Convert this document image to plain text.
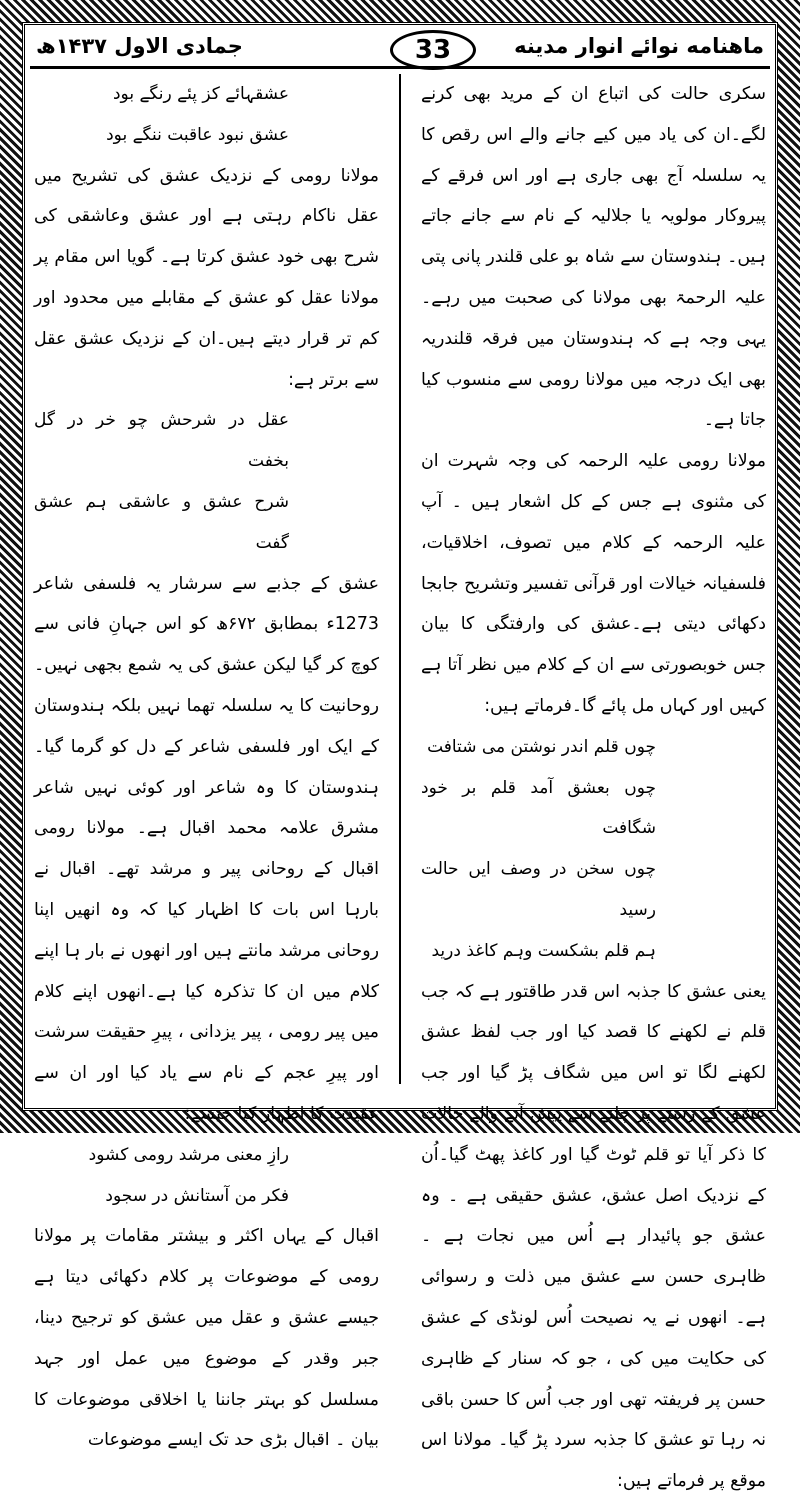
جمادی الاول ۱۴۳۷ھ	33	ماهنامه نوائے انوار مدینه

سکری حالت کی اتباع ان کے مرید بھی کرنے لگے۔ان کی یاد میں کیے جانے والے اس رقص کا یہ سلسلہ آج بھی جاری ہے اور اس فرقے کے پیروکار مولویہ یا جلالیہ کے نام سے جانے جاتے ہیں۔ ہندوستان سے شاہ بو علی قلندر پانی پتی علیہ الرحمۃ بھی مولانا کی صحبت میں رہے۔ یہی وجہ ہے کہ ہندوستان میں فرقہ قلندریہ بھی ایک درجہ میں مولانا رومی سے منسوب کیا جاتا ہے۔

مولانا رومی علیہ الرحمہ کی وجہ شہرت ان کی مثنوی ہے جس کے کل اشعار ہیں ۔ آپ علیہ الرحمہ کے کلام میں تصوف، اخلاقیات، فلسفیانہ خیالات اور قرآنی تفسیر وتشریح جابجا دکھائی دیتی ہے۔عشق کی وارفتگی کا بیان جس خوبصورتی سے ان کے کلام میں نظر آتا ہے کہیں اور کہاں مل پائے گا۔فرماتے ہیں:

چوں قلم اندر نوشتن می شتافت

چوں بعشق آمد قلم بر خود شگافت

چوں سخن در وصف ایں حالت رسید

ہم قلم بشکست وہم کاغذ درید

یعنی عشق کا جذبہ اس قدر طاقتور ہے کہ جب قلم نے لکھنے کا قصد کیا اور جب لفظ عشق لکھنے لگا تو اس میں شگاف پڑ گیا اور جب عشق کے رستے پر چلنے سے پیش آنے والے حالات کا ذکر آیا تو قلم ٹوٹ گیا اور کاغذ پھٹ گیا۔اُن کے نزدیک اصل عشق، عشق حقیقی ہے ۔ وہ عشق جو پائیدار ہے اُس میں نجات ہے ۔ ظاہری حسن سے عشق میں ذلت و رسوائی ہے۔ انھوں نے یہ نصیحت اُس لونڈی کے عشق کی حکایت میں کی ، جو کہ سنار کے ظاہری حسن پر فریفتہ تھی اور جب اُس کا حسن باقی نہ رہا تو عشق کا جذبہ سرد پڑ گیا۔ مولانا اس موقع پر فرماتے ہیں:

عشقہائے کز پئے رنگے بود

عشق نبود عاقبت ننگے بود

مولانا رومی کے نزدیک عشق کی تشریح میں عقل ناکام رہتی ہے اور عشق وعاشقی کی شرح بھی خود عشق کرتا ہے۔ گویا اس مقام پر مولانا عقل کو عشق کے مقابلے میں محدود اور کم تر قرار دیتے ہیں۔ان کے نزدیک عشق عقل سے برتر ہے:

عقل در شرحش چو خر در گل بخفت

شرح عشق و عاشقی ہم عشق گفت

عشق کے جذبے سے سرشار یہ فلسفی شاعر 1273ء بمطابق ۶۷۲ھ کو اس جہانِ فانی سے کوچ کر گیا لیکن عشق کی یہ شمع بجھی نہیں۔روحانیت کا یہ سلسلہ تھما نہیں بلکہ ہندوستان کے ایک اور فلسفی شاعر کے دل کو گرما گیا۔ ہندوستان کا وہ شاعر اور کوئی نہیں شاعر مشرق علامہ محمد اقبال ہے۔ مولانا رومی اقبال کے روحانی پیر و مرشد تھے۔ اقبال نے بارہا اس بات کا اظہار کیا کہ وہ انھیں اپنا روحانی مرشد مانتے ہیں اور انھوں نے بار ہا اپنے کلام میں ان کا تذکرہ کیا ہے۔انھوں اپنے کلام میں پیر رومی ، پیر یزدانی ، پیرِ حقیقت سرشت اور پیرِ عجم کے نام سے یاد کیا اور ان سے عقیدت کا اظہار کیا جیسے:

رازِ معنی مرشد رومی کشود

فکر من آستانش در سجود

اقبال کے یہاں اکثر و بیشتر مقامات پر مولانا رومی کے موضوعات پر کلام دکھائی دیتا ہے جیسے عشق و عقل میں عشق کو ترجیح دینا، جبر وقدر کے موضوع میں عمل اور جہد مسلسل کو بہتر جاننا یا اخلاقی موضوعات کا بیان ۔ اقبال بڑی حد تک ایسے موضوعات
